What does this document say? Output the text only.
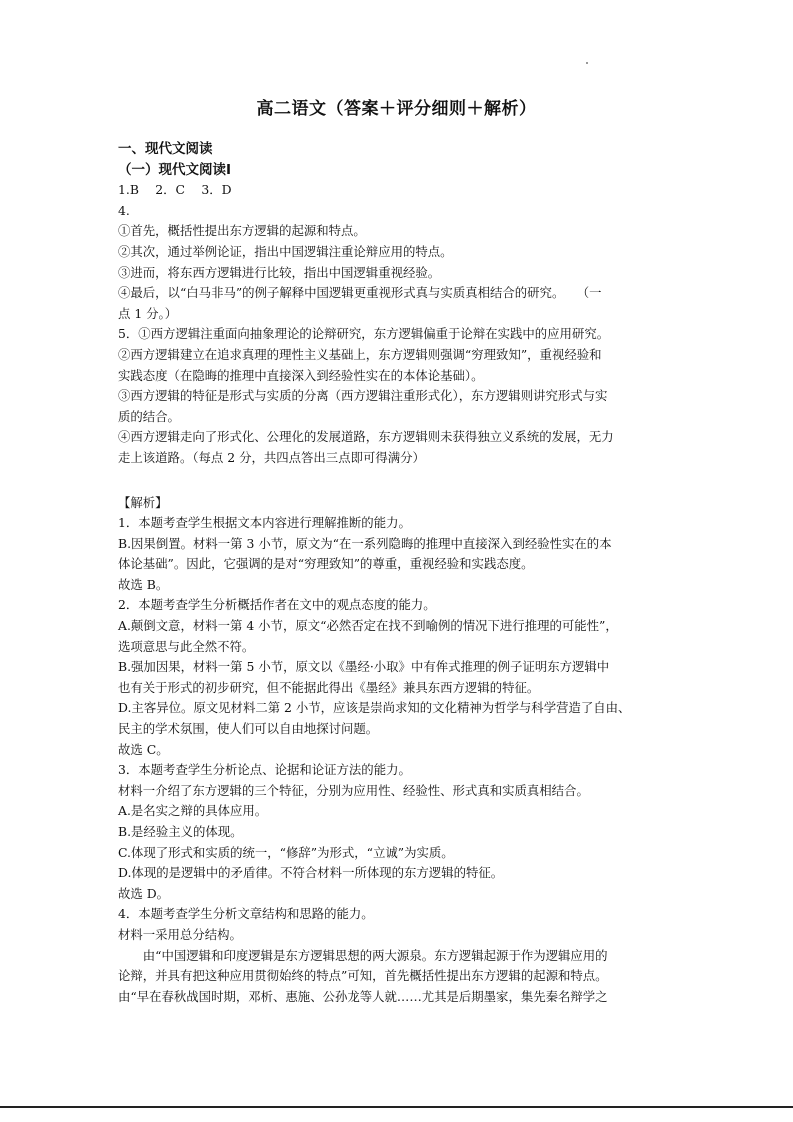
高二语文（答案＋评分细则＋解析）
一、现代文阅读
（一）现代文阅读Ⅰ
1.B　 2．C　 3．D
4.
①首先，概括性提出东方逻辑的起源和特点。
②其次，通过举例论证，指出中国逻辑注重论辩应用的特点。
③进而，将东西方逻辑进行比较，指出中国逻辑重视经验。
④最后，以“白马非马”的例子解释中国逻辑更重视形式真与实质真相结合的研究。　　（一
点 1 分。）
5．①西方逻辑注重面向抽象理论的论辩研究，东方逻辑偏重于论辩在实践中的应用研究。
②西方逻辑建立在追求真理的理性主义基础上，东方逻辑则强调“穷理致知”，重视经验和
实践态度（在隐晦的推理中直接深入到经验性实在的本体论基础）。
③西方逻辑的特征是形式与实质的分离（西方逻辑注重形式化），东方逻辑则讲究形式与实
质的结合。
④西方逻辑走向了形式化、公理化的发展道路，东方逻辑则未获得独立义系统的发展，无力
走上该道路。（每点 2 分，共四点答出三点即可得满分）
【解析】
1．本题考查学生根据文本内容进行理解推断的能力。
B.因果倒置。材料一第 3 小节，原文为“在一系列隐晦的推理中直接深入到经验性实在的本
体论基础”。因此，它强调的是对“穷理致知”的尊重，重视经验和实践态度。
故选 B。
2．本题考查学生分析概括作者在文中的观点态度的能力。
A.颠倒文意，材料一第 4 小节，原文“必然否定在找不到喻例的情况下进行推理的可能性”，
选项意思与此全然不符。
B.强加因果，材料一第 5 小节，原文以《墨经·小取》中有侔式推理的例子证明东方逻辑中
也有关于形式的初步研究，但不能据此得出《墨经》兼具东西方逻辑的特征。
D.主客异位。原文见材料二第 2 小节，应该是崇尚求知的文化精神为哲学与科学营造了自由、
民主的学术氛围，使人们可以自由地探讨问题。
故选 C。
3．本题考查学生分析论点、论据和论证方法的能力。
材料一介绍了东方逻辑的三个特征，分别为应用性、经验性、形式真和实质真相结合。
A.是名实之辩的具体应用。
B.是经验主义的体现。
C.体现了形式和实质的统一，“修辞”为形式，“立诚”为实质。
D.体现的是逻辑中的矛盾律。不符合材料一所体现的东方逻辑的特征。
故选 D。
4．本题考查学生分析文章结构和思路的能力。
材料一采用总分结构。
　　由“中国逻辑和印度逻辑是东方逻辑思想的两大源泉。东方逻辑起源于作为逻辑应用的
论辩，并具有把这种应用贯彻始终的特点”可知，首先概括性提出东方逻辑的起源和特点。
由“早在春秋战国时期，邓析、惠施、公孙龙等人就……尤其是后期墨家，集先秦名辩学之
